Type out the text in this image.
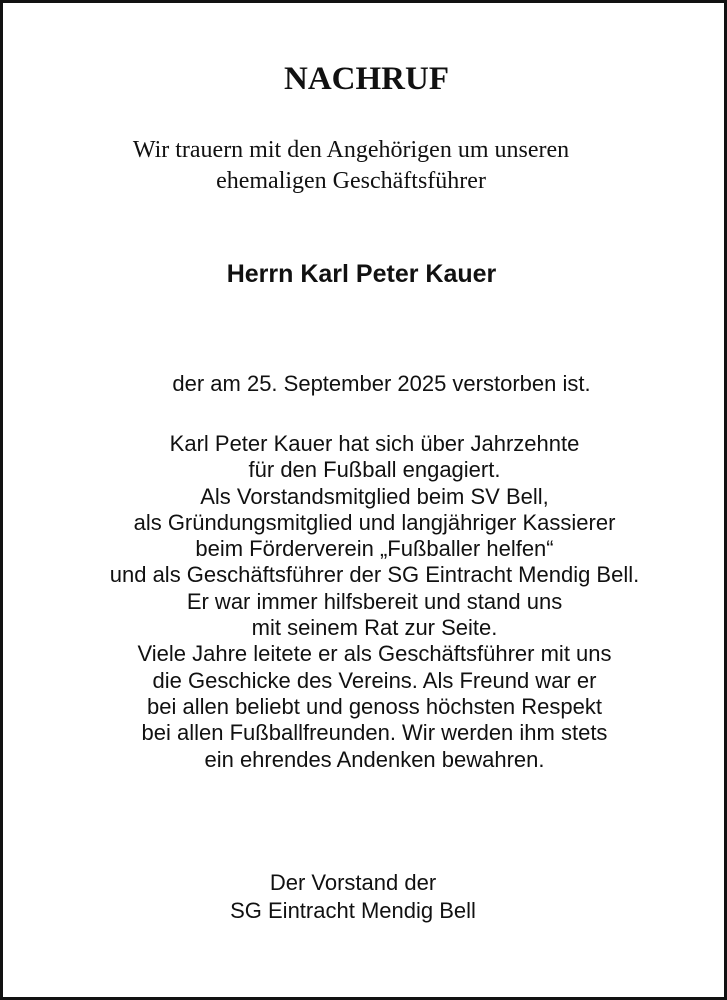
NACHRUF
Wir trauern mit den Angehörigen um unseren
ehemaligen Geschäftsführer
Herrn Karl Peter Kauer
der am 25. September 2025 verstorben ist.
Karl Peter Kauer hat sich über Jahrzehnte
für den Fußball engagiert.
Als Vorstandsmitglied beim SV Bell,
als Gründungsmitglied und langjähriger Kassierer
beim Förderverein „Fußballer helfen“
und als Geschäftsführer der SG Eintracht Mendig Bell.
Er war immer hilfsbereit und stand uns
mit seinem Rat zur Seite.
Viele Jahre leitete er als Geschäftsführer mit uns
die Geschicke des Vereins. Als Freund war er
bei allen beliebt und genoss höchsten Respekt
bei allen Fußballfreunden. Wir werden ihm stets
ein ehrendes Andenken bewahren.
Der Vorstand der
SG Eintracht Mendig Bell
